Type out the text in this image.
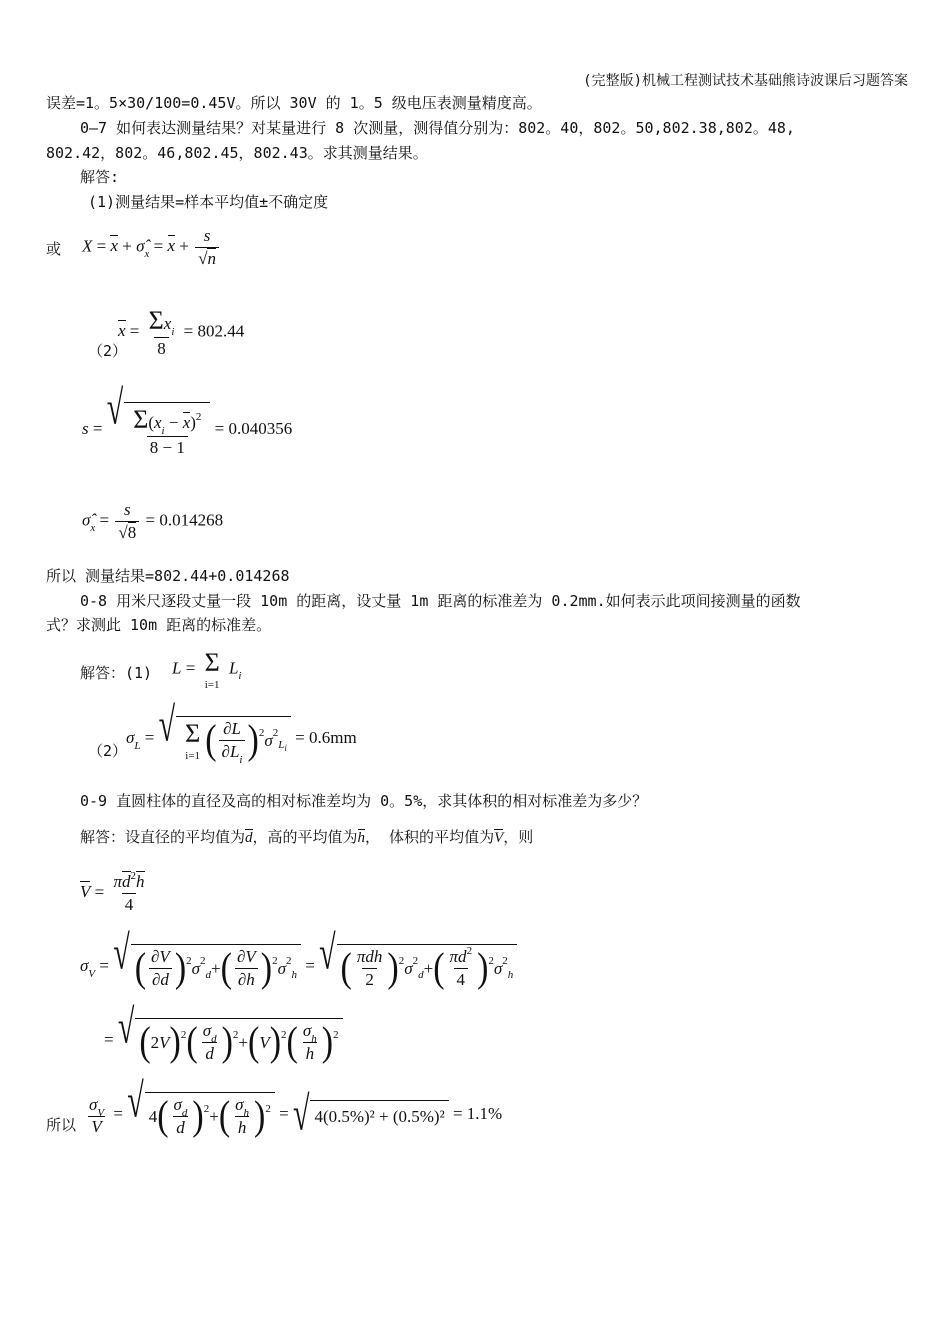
(完整版)机械工程测试技术基础熊诗波课后习题答案
误差=1。5×30/100=0.45V。所以 30V 的 1。5 级电压表测量精度高。
0—7 如何表达测量结果？对某量进行 8 次测量，测得值分别为：802。40，802。50,802.38,802。48,
802.42，802。46,802.45，802.43。求其测量结果。
解答:
(1)测量结果=样本平均值±不确定度
或 $X = x + \sigmâ_x = x + \frac{s}{√n}$
（2）
$x = \frac{\Sigma x_i}{8} = 802.44$
s = √ $\frac{\Sigma(x_i - x)^2}{8 - 1} = 0.040356$
$\sigmâ_x = \frac{s}{√8} = 0.014268$
所以 测量结果=802.44+0.014268
0-8 用米尺逐段丈量一段 10m 的距离，设丈量 1m 距离的标准差为 0.2mm.如何表示此项间接测量的函数
式？求测此 10m 距离的标准差。
解答：(1) L = Σ
i=1
$L_i$
（2）
$\sigma_L$ = √ Σ
i=1 ( $\frac{\partial L}{\partial L_i}$ ) 2 σ 2
$L_i$
= 0.6mm
0-9 直圆柱体的直径及高的相对标准差均为 0。5%，求其体积的相对标准差为多少？
解答：设直径的平均值为d，高的平均值为h， 体积的平均值为V，则
$V = \frac{\pi d^2h}{4}$
$\sigma_V$ = √ ( $\frac{\partial V}{\partial d}$ ) 2 σ 2
d + ( $\frac{\partial V}{\partial h}$ ) 2 σ 2
h = √ ( $\frac{\text{πdh}}{2}$ ) 2 σ 2
d + ( $\frac{\pi d^2}{4}$ ) 2 σ 2
h
= √ ( 2 V ) 2 ( $\frac{\sigma_d}{d}$ ) 2 + ( V ) 2 ( $\frac{\sigma_h}{h}$ ) 2
所以 $\frac{\sigma_V}{V}$ = √ 4 ( $\frac{\sigma_d}{d}$ ) 2 + ( $\frac{\sigma_h}{h}$ ) 2 = √ 4(0.5%)² + (0.5%)² = 1.1%
